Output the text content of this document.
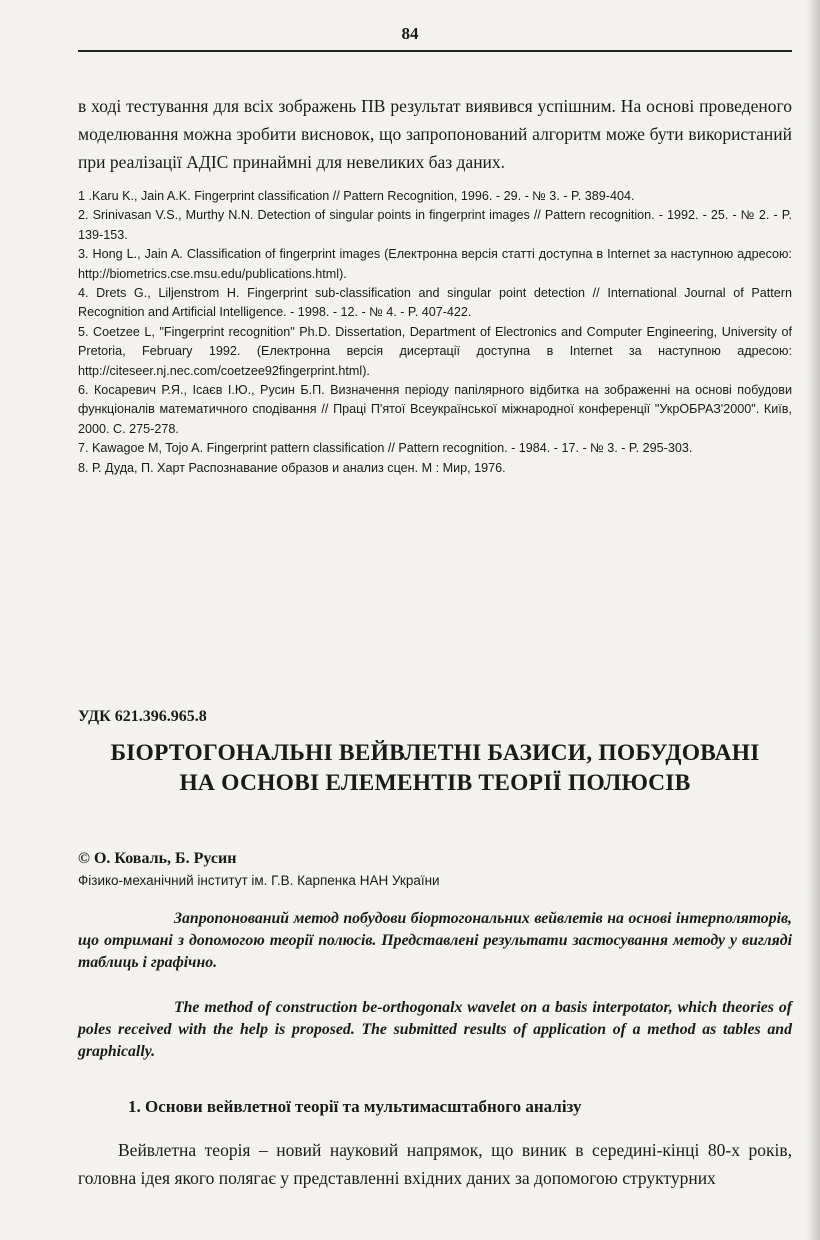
84

в ході тестування для всіх зображень ПВ результат виявився успішним. На основі проведеного моделювання можна зробити висновок, що запропонований алгоритм може бути використаний при реалізації АДІС принаймні для невеликих баз даних.

1 .Karu K., Jain A.K. Fingerprint classification // Pattern Recognition, 1996. - 29. - № 3. - P. 389-404.

2. Srinivasan V.S., Murthy N.N. Detection of singular points in fingerprint images // Pattern recognition. - 1992. - 25. - № 2. - P. 139-153.

3. Hong L., Jain A. Classification of fingerprint images (Електронна версія статті доступна в Internet за наступною адресою: http://biometrics.cse.msu.edu/publications.html).

4. Drets G., Liljenstrom H. Fingerprint sub-classification and singular point detection // International Journal of Pattern Recognition and Artificial Intelligence. - 1998. - 12. - № 4. - P. 407-422.

5. Coetzee L, "Fingerprint recognition" Ph.D. Dissertation, Department of Electronics and Computer Engineering, University of Pretoria, February 1992. (Електронна версія дисертації доступна в Internet за наступною адресою: http://citeseer.nj.nec.com/coetzee92fingerprint.html).

6. Косаревич Р.Я., Ісаєв І.Ю., Русин Б.П. Визначення періоду папілярного відбитка на зображенні на основі побудови функціоналів математичного сподівання // Праці П'ятої Всеукраїнської міжнародної конференції "УкрОБРАЗ'2000". Київ, 2000. С. 275-278.

7. Kawagoe M, Tojo A. Fingerprint pattern classification // Pattern recognition. - 1984. - 17. - № 3. - P. 295-303.

8. Р. Дуда, П. Харт Распознавание образов и анализ сцен. М : Мир, 1976.

УДК 621.396.965.8
БІОРТОГОНАЛЬНІ ВЕЙВЛЕТНІ БАЗИСИ, ПОБУДОВАНІ
НА ОСНОВІ ЕЛЕМЕНТІВ ТЕОРІЇ ПОЛЮСІВ
© О. Коваль, Б. Русин
Фізико-механічний інститут ім. Г.В. Карпенка НАН України

Запропонований метод побудови біортогональних вейвлетів на основі інтерполяторів, що отримані з допомогою теорії полюсів. Представлені результати застосування методу у вигляді таблиць і графічно.

The method of construction be-orthogonalx wavelet on a basis interpotator, which theories of poles received with the help is proposed. The submitted results of application of a method as tables and graphically.

1. Основи вейвлетної теорії та мультимасштабного аналізу

Вейвлетна теорія – новий науковий напрямок, що виник в середині-кінці 80-х років, головна ідея якого полягає у представленні вхідних даних за допомогою структурних
